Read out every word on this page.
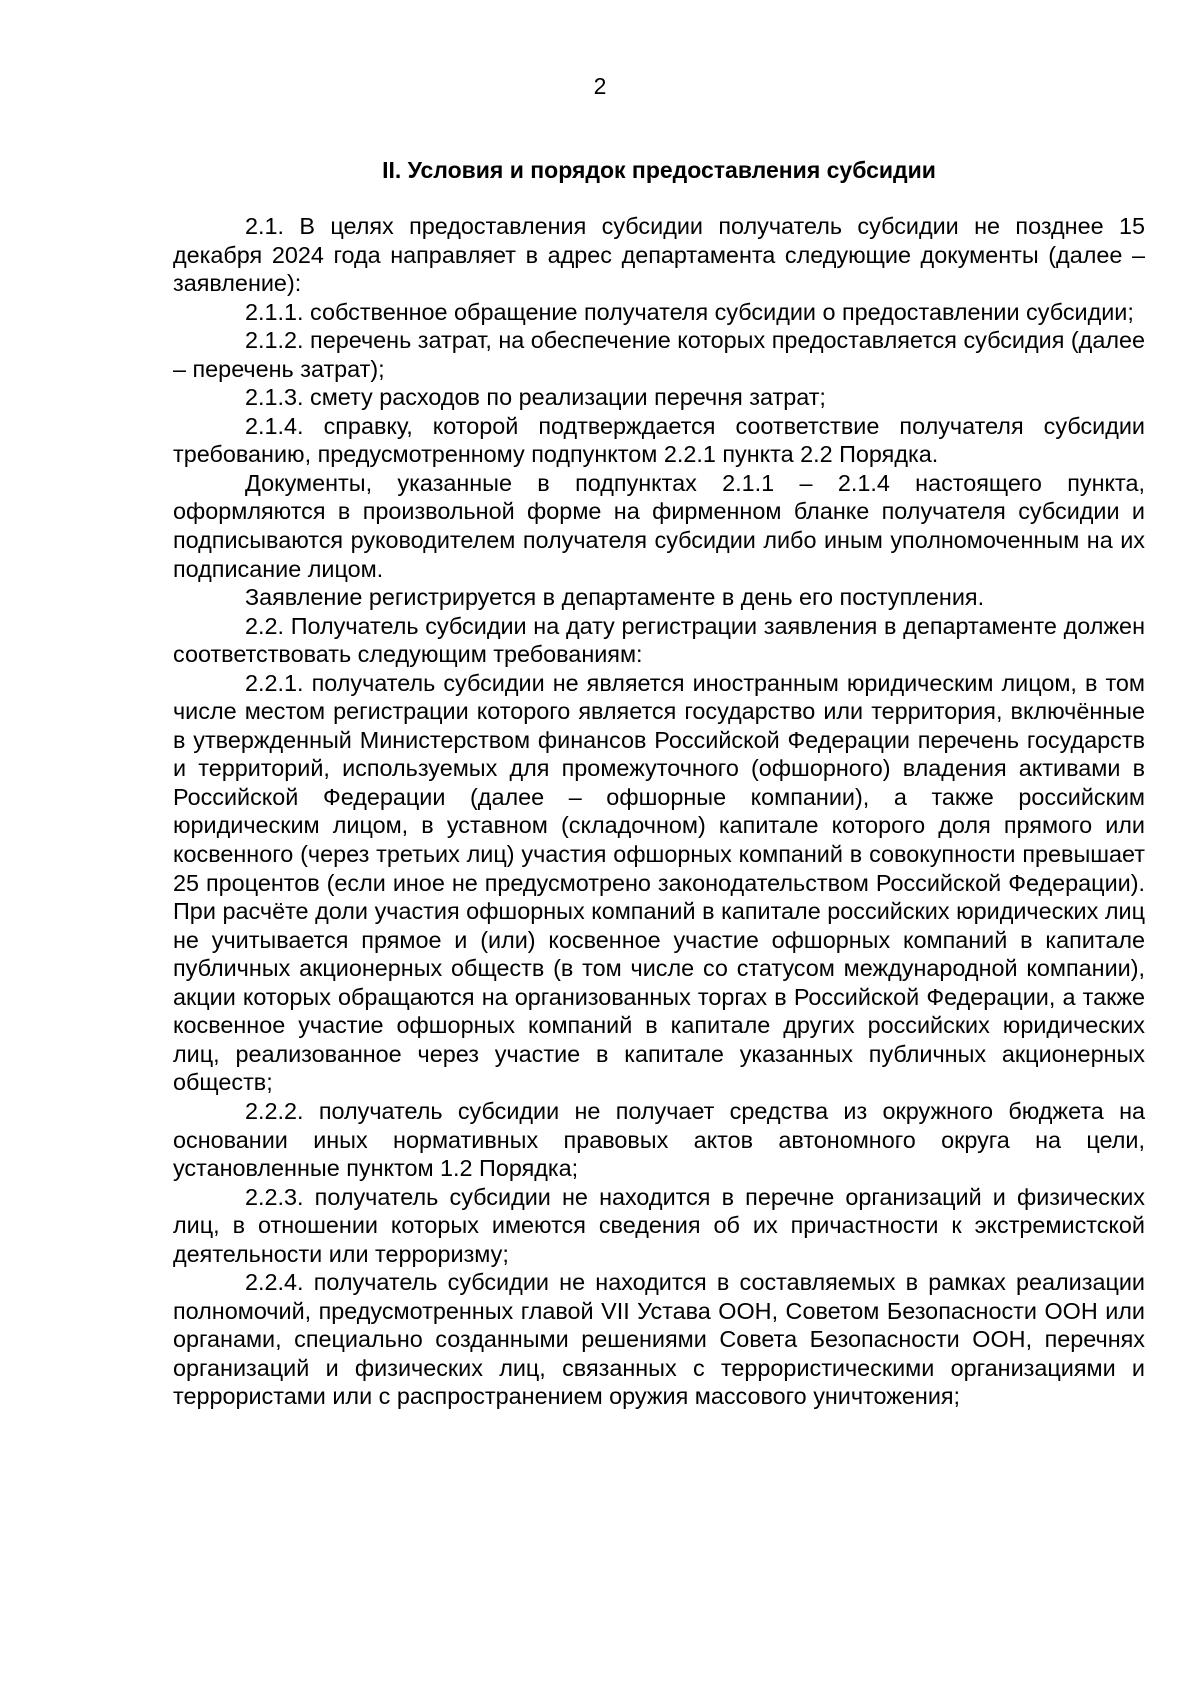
2
II. Условия и порядок предоставления субсидии

2.1. В целях предоставления субсидии получатель субсидии не позднее 15 декабря 2024 года направляет в адрес департамента следующие документы (далее – заявление):

2.1.1. собственное обращение получателя субсидии о предоставлении субсидии;

2.1.2. перечень затрат, на обеспечение которых предоставляется субсидия (далее – перечень затрат);

2.1.3. смету расходов по реализации перечня затрат;

2.1.4. справку, которой подтверждается соответствие получателя субсидии требованию, предусмотренному подпунктом 2.2.1 пункта 2.2 Порядка.

Документы, указанные в подпунктах 2.1.1 – 2.1.4 настоящего пункта, оформляются в произвольной форме на фирменном бланке получателя субсидии и подписываются руководителем получателя субсидии либо иным уполномоченным на их подписание лицом.

Заявление регистрируется в департаменте в день его поступления.

2.2. Получатель субсидии на дату регистрации заявления в департаменте должен соответствовать следующим требованиям:

2.2.1. получатель субсидии не является иностранным юридическим лицом, в том числе местом регистрации которого является государство или территория, включённые в утвержденный Министерством финансов Российской Федерации перечень государств и территорий, используемых для промежуточного (офшорного) владения активами в Российской Федерации (далее – офшорные компании), а также российским юридическим лицом, в уставном (складочном) капитале которого доля прямого или косвенного (через третьих лиц) участия офшорных компаний в совокупности превышает 25 процентов (если иное не предусмотрено законодательством Российской Федерации). При расчёте доли участия офшорных компаний в капитале российских юридических лиц не учитывается прямое и (или) косвенное участие офшорных компаний в капитале публичных акционерных обществ (в том числе со статусом международной компании), акции которых обращаются на организованных торгах в Российской Федерации, а также косвенное участие офшорных компаний в капитале других российских юридических лиц, реализованное через участие в капитале указанных публичных акционерных обществ;

2.2.2. получатель субсидии не получает средства из окружного бюджета на основании иных нормативных правовых актов автономного округа на цели, установленные пунктом 1.2 Порядка;

2.2.3. получатель субсидии не находится в перечне организаций и физических лиц, в отношении которых имеются сведения об их причастности к экстремистской деятельности или терроризму;

2.2.4. получатель субсидии не находится в составляемых в рамках реализации полномочий, предусмотренных главой VII Устава ООН, Советом Безопасности ООН или органами, специально созданными решениями Совета Безопасности ООН, перечнях организаций и физических лиц, связанных с террористическими организациями и террористами или с распространением оружия массового уничтожения;
